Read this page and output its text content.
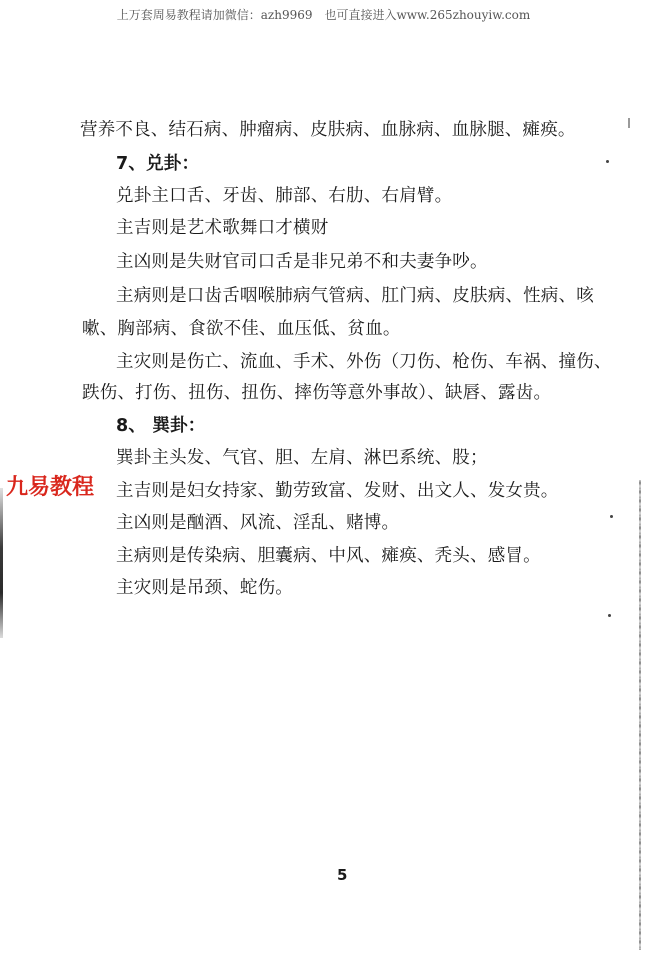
上万套周易教程请加微信：azh9969　也可直接进入www.265zhouyiw.com
营养不良、结石病、肿瘤病、皮肤病、血脉病、血脉腿、瘫痪。
7、兑卦：
兑卦主口舌、牙齿、肺部、右肋、右肩臂。
主吉则是艺术歌舞口才横财
主凶则是失财官司口舌是非兄弟不和夫妻争吵。
主病则是口齿舌咽喉肺病气管病、肛门病、皮肤病、性病、咳
嗽、胸部病、食欲不佳、血压低、贫血。
主灾则是伤亡、流血、手术、外伤（刀伤、枪伤、车祸、撞伤、
跌伤、打伤、扭伤、扭伤、摔伤等意外事故）、缺唇、露齿。
8、 巽卦：
巽卦主头发、气官、胆、左肩、淋巴系统、股；
主吉则是妇女持家、勤劳致富、发财、出文人、发女贵。
主凶则是酗酒、风流、淫乱、赌博。
主病则是传染病、胆囊病、中风、瘫痪、秃头、感冒。
主灾则是吊颈、蛇伤。
九易教程
5
